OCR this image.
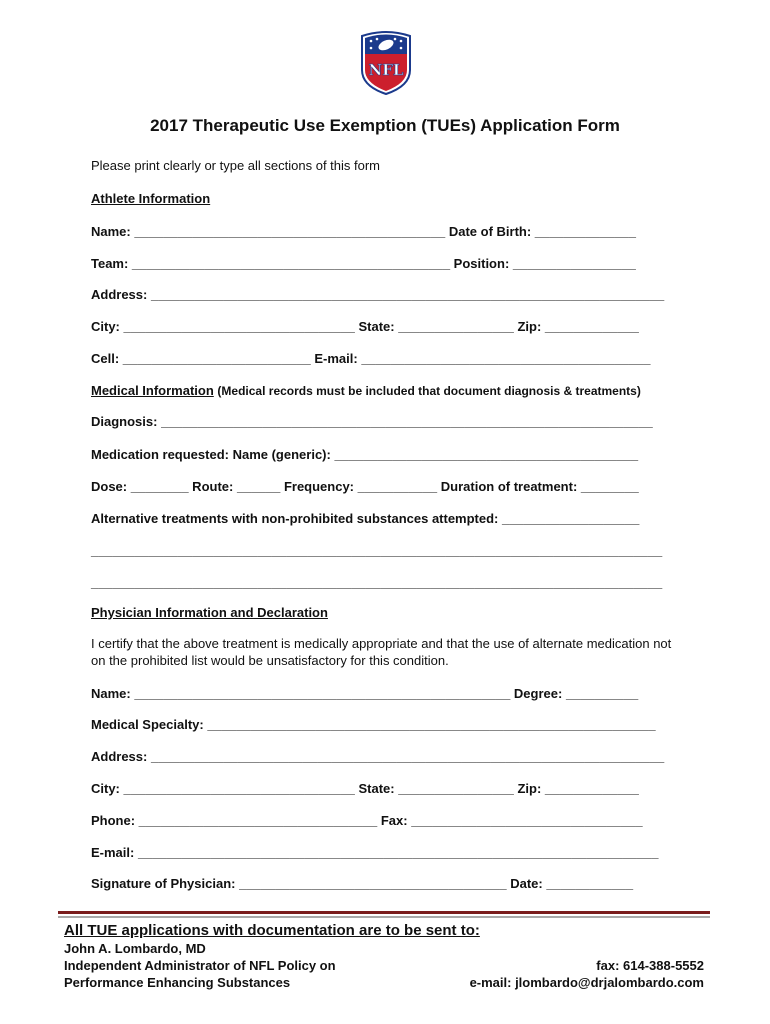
NFL
2017 Therapeutic Use Exemption (TUEs) Application Form
Please print clearly or type all sections of this form
Athlete Information
Name: ___________________________________________ Date of Birth: ______________
Team: ____________________________________________ Position: _________________
Address: _______________________________________________________________________
City: ________________________________ State: ________________ Zip: _____________
Cell: __________________________ E-mail: ________________________________________
Medical Information (Medical records must be included that document diagnosis & treatments)
Diagnosis: ____________________________________________________________________
Medication requested: Name (generic): __________________________________________
Dose: ________ Route: ______ Frequency: ___________ Duration of treatment: ________
Alternative treatments with non-prohibited substances attempted: ___________________
_______________________________________________________________________________
_______________________________________________________________________________
Physician Information and Declaration
I certify that the above treatment is medically appropriate and that the use of alternate medication not on the prohibited list would be unsatisfactory for this condition.
Name: ____________________________________________________ Degree: __________
Medical Specialty: ______________________________________________________________
Address: _______________________________________________________________________
City: ________________________________ State: ________________ Zip: _____________
Phone: _________________________________ Fax: ________________________________
E-mail: ________________________________________________________________________
Signature of Physician: _____________________________________ Date: ____________
All TUE applications with documentation are to be sent to:
John A. Lombardo, MD
Independent Administrator of NFL Policy on
Performance Enhancing Substances
fax: 614-388-5552
e-mail: jlombardo@drjalombardo.com
